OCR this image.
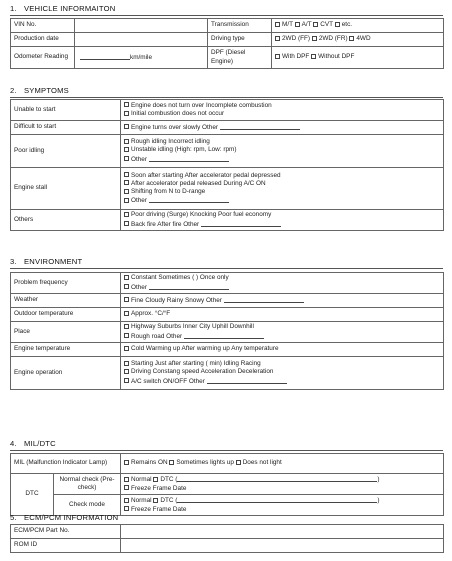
1. VEHICLE INFORMAITON
VIN No.		Transmission	M/T A/T CVT etc.
Production date		Driving type	2WD (FF) 2WD (FR) 4WD
Odometer Reading	km/mile	DPF (Diesel Engine)	With DPF Without DPF
2. SYMPTOMS
Unable to start	Engine does not turn over Incomplete combustion
Initial combustion does not occur

Difficult to start	Engine turns over slowly Other

Poor idling	Rough idling Incorrect idling
Unstable idling (High: rpm, Low: rpm)
Other

Engine stall	Soon after starting After accelerator pedal depressed
After accelerator pedal released During A/C ON
Shifting from N to D-range
Other

Others	Poor driving (Surge) Knocking Poor fuel economy
Back fire After fire Other
3. ENVIRONMENT
Problem frequency	Constant Sometimes ( ) Once only
Other

Weather	Fine Cloudy Rainy Snowy Other

Outdoor temperature	Approx. °C/°F

Place	Highway Suburbs Inner City Uphill Downhill
Rough road Other

Engine temperature	Cold Warming up After warming up Any temperature

Engine operation	Starting Just after starting ( min) Idling Racing
Driving Constang speed Acceleration Deceleration
A/C switch ON/OFF Other
4. MIL/DTC
MIL (Malfunction Indicator Lamp)		Remains ON Sometimes lights up Does not light
DTC	Normal check (Pre-check)	Normal DTC ( )
Freeze Frame Date

	Check mode	Normal DTC ( )
Freeze Frame Date
5. ECM/PCM INFORMATION
ECM/PCM Part No.	
ROM ID	
